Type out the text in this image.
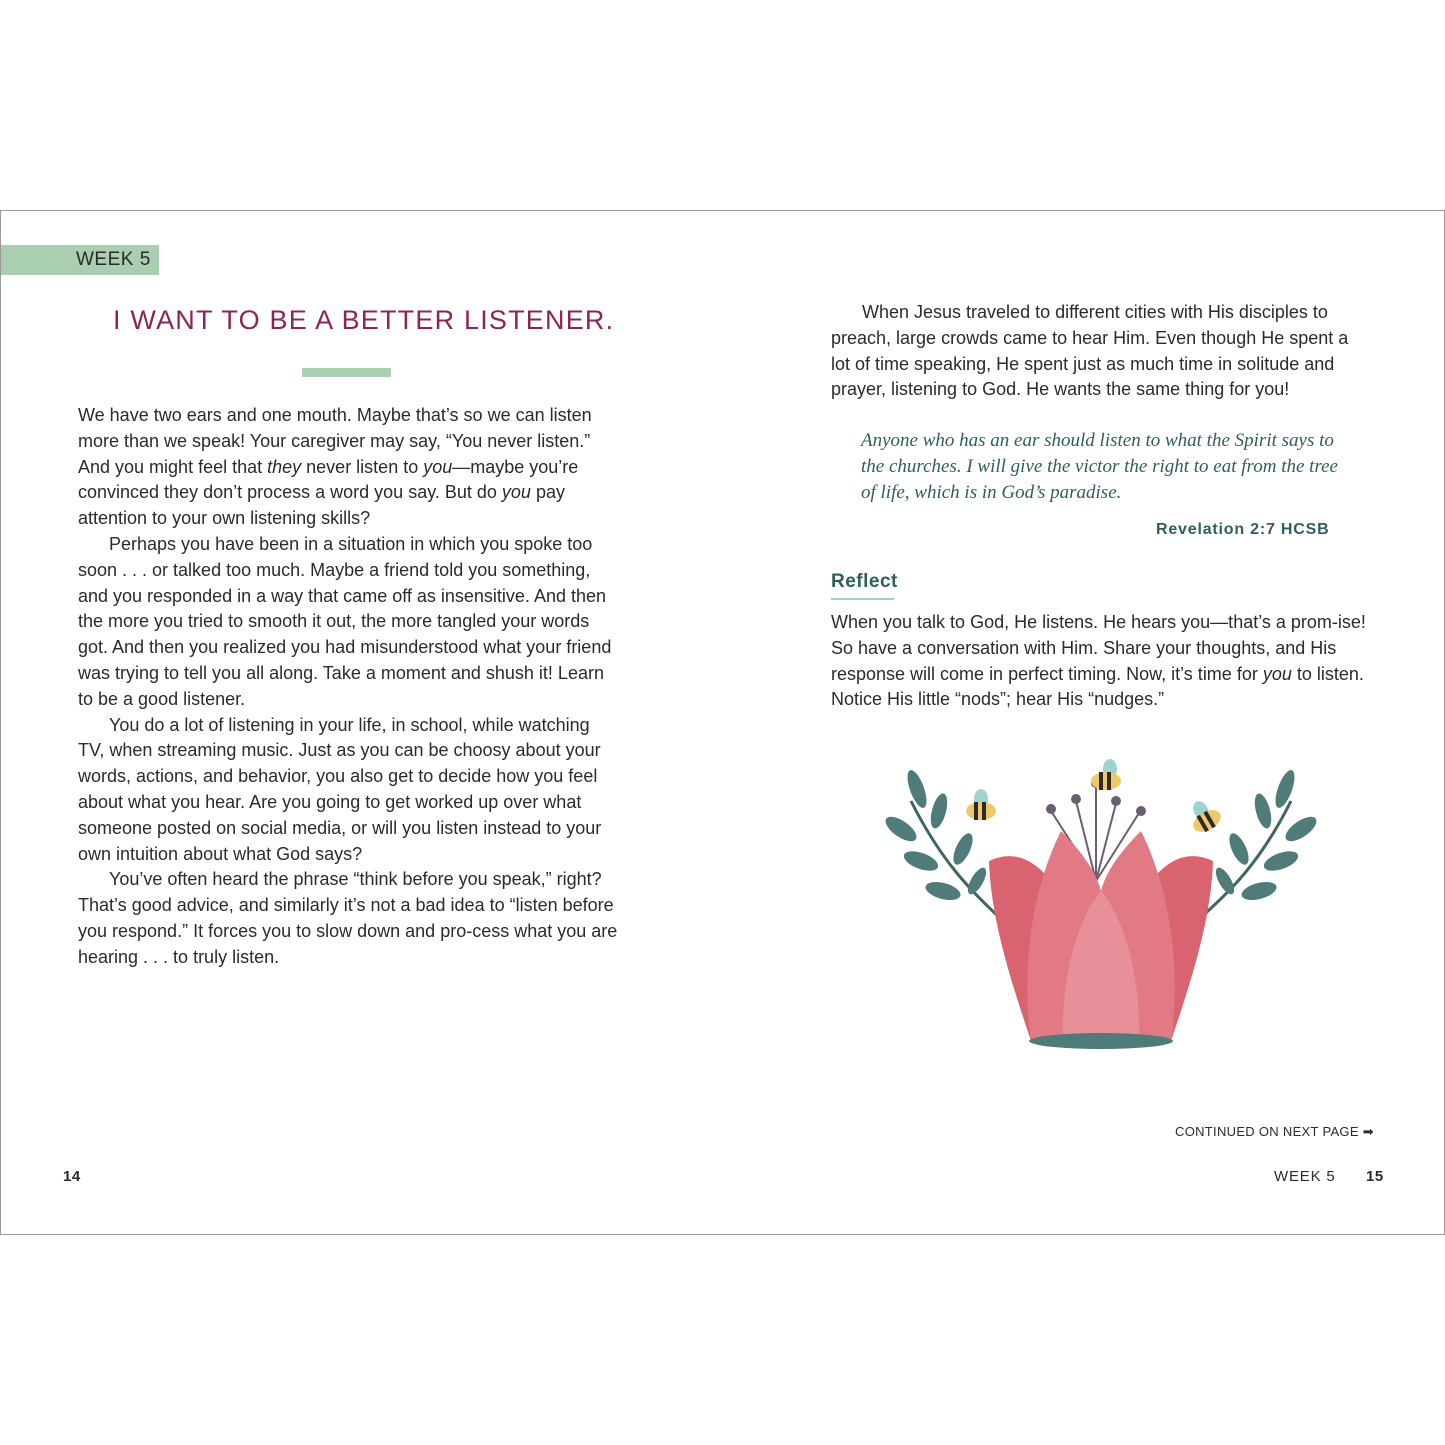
WEEK 5
I WANT TO BE A BETTER LISTENER.

We have two ears and one mouth. Maybe that’s so we can listen more than we speak! Your caregiver may say, “You never listen.” And you might feel that they never listen to you—maybe you’re convinced they don’t process a word you say. But do you pay attention to your own listening skills?

Perhaps you have been in a situation in which you spoke too soon . . . or talked too much. Maybe a friend told you something, and you responded in a way that came off as insensitive. And then the more you tried to smooth it out, the more tangled your words got. And then you realized you had misunderstood what your friend was trying to tell you all along. Take a moment and shush it! Learn to be a good listener.

You do a lot of listening in your life, in school, while watching TV, when streaming music. Just as you can be choosy about your words, actions, and behavior, you also get to decide how you feel about what you hear. Are you going to get worked up over what someone posted on social media, or will you listen instead to your own intuition about what God says?

You’ve often heard the phrase “think before you speak,” right? That’s good advice, and similarly it’s not a bad idea to “listen before you respond.” It forces you to slow down and pro-cess what you are hearing . . . to truly listen.

14
When Jesus traveled to different cities with His disciples to preach, large crowds came to hear Him. Even though He spent a lot of time speaking, He spent just as much time in solitude and prayer, listening to God. He wants the same thing for you!
Anyone who has an ear should listen to what the Spirit says to the churches. I will give the victor the right to eat from the tree of life, which is in God’s paradise.
Revelation 2:7 HCSB
Reflect
When you talk to God, He listens. He hears you—that’s a prom-ise! So have a conversation with Him. Share your thoughts, and His response will come in perfect timing. Now, it’s time for you to listen. Notice His little “nods”; hear His “nudges.”
CONTINUED ON NEXT PAGE ➡
WEEK 5 15
